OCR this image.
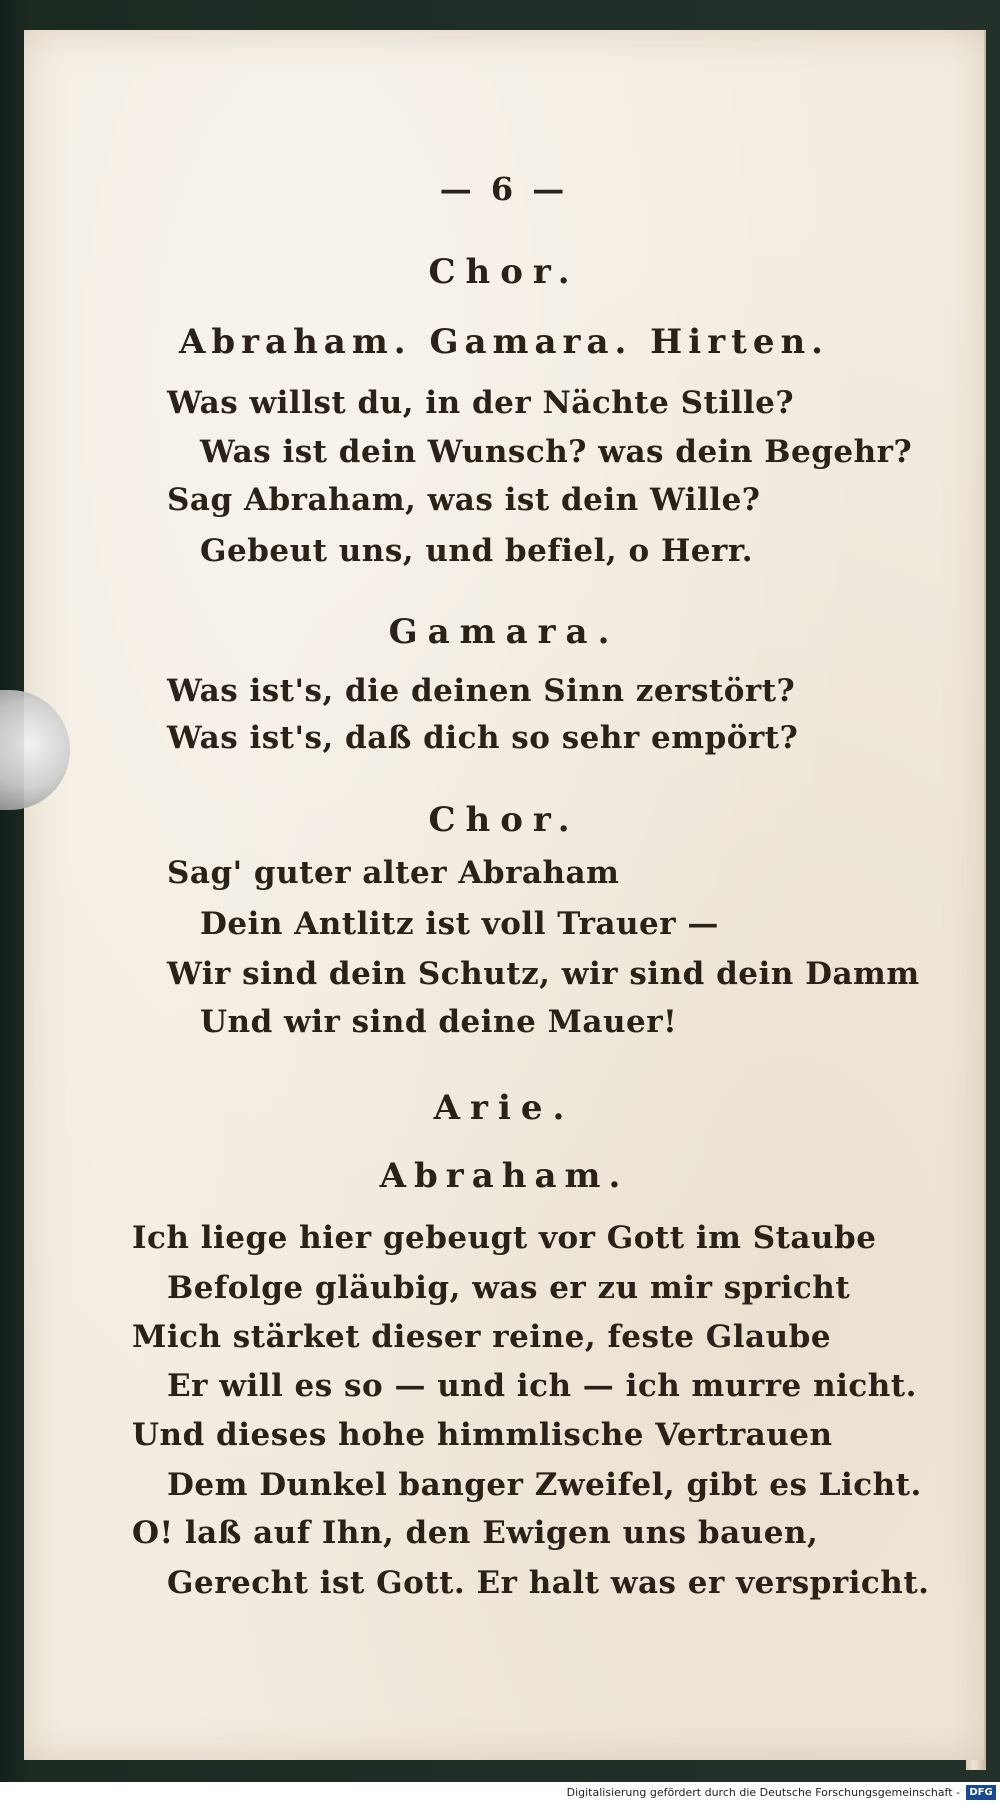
— 6 —
Chor.
Abraham. Gamara. Hirten.
Was willst du, in der Nächte Stille?
Was ist dein Wunsch? was dein Begehr?
Sag Abraham, was ist dein Wille?
Gebeut uns, und befiel, o Herr.
Gamara.
Was ist's, die deinen Sinn zerstört?
Was ist's, daß dich so sehr empört?
Chor.
Sag' guter alter Abraham
Dein Antlitz ist voll Trauer —
Wir sind dein Schutz, wir sind dein Damm
Und wir sind deine Mauer!
Arie.
Abraham.
Ich liege hier gebeugt vor Gott im Staube
Befolge gläubig, was er zu mir spricht
Mich stärket dieser reine, feste Glaube
Er will es so — und ich — ich murre nicht.
Und dieses hohe himmlische Vertrauen
Dem Dunkel banger Zweifel, gibt es Licht.
O! laß auf Ihn, den Ewigen uns bauen,
Gerecht ist Gott. Er halt was er verspricht.
Digitalisierung gefördert durch die Deutsche Forschungsgemeinschaft - DFG
